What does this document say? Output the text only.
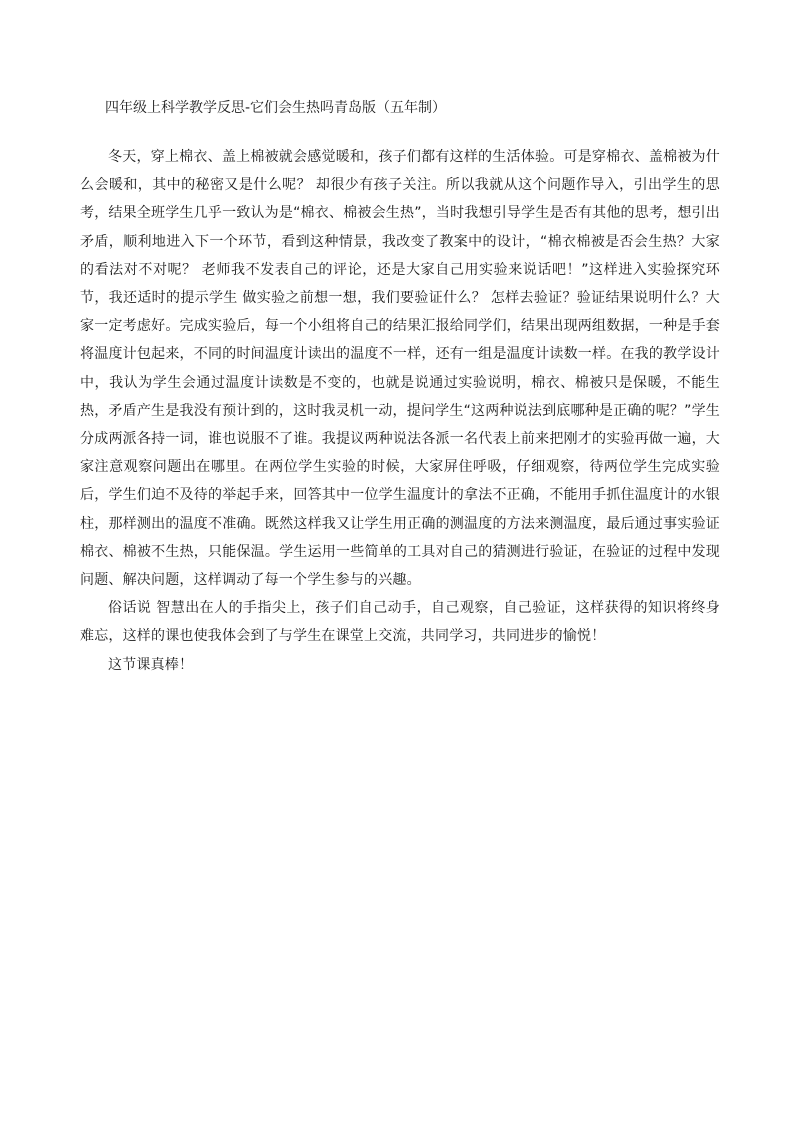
四年级上科学教学反思-它们会生热吗青岛版（五年制）

冬天，穿上棉衣、盖上棉被就会感觉暖和，孩子们都有这样的生活体验。可是穿棉衣、盖棉被为什么会暖和，其中的秘密又是什么呢？ 却很少有孩子关注。所以我就从这个问题作导入，引出学生的思考，结果全班学生几乎一致认为是“棉衣、棉被会生热”，当时我想引导学生是否有其他的思考，想引出矛盾，顺利地进入下一个环节，看到这种情景，我改变了教案中的设计，“棉衣棉被是否会生热？大家的看法对不对呢？ 老师我不发表自己的评论，还是大家自己用实验来说话吧！”这样进入实验探究环节，我还适时的提示学生 做实验之前想一想，我们要验证什么？ 怎样去验证？验证结果说明什么？大家一定考虑好。完成实验后，每一个小组将自己的结果汇报给同学们，结果出现两组数据，一种是手套将温度计包起来，不同的时间温度计读出的温度不一样，还有一组是温度计读数一样。在我的教学设计中，我认为学生会通过温度计读数是不变的，也就是说通过实验说明，棉衣、棉被只是保暖，不能生热，矛盾产生是我没有预计到的，这时我灵机一动，提问学生“这两种说法到底哪种是正确的呢？”学生分成两派各持一词，谁也说服不了谁。我提议两种说法各派一名代表上前来把刚才的实验再做一遍，大家注意观察问题出在哪里。在两位学生实验的时候，大家屏住呼吸，仔细观察，待两位学生完成实验后，学生们迫不及待的举起手来，回答其中一位学生温度计的拿法不正确，不能用手抓住温度计的水银柱，那样测出的温度不准确。既然这样我又让学生用正确的测温度的方法来测温度，最后通过事实验证棉衣、棉被不生热，只能保温。学生运用一些简单的工具对自己的猜测进行验证，在验证的过程中发现问题、解决问题，这样调动了每一个学生参与的兴趣。

俗话说 智慧出在人的手指尖上，孩子们自己动手，自己观察，自己验证，这样获得的知识将终身难忘，这样的课也使我体会到了与学生在课堂上交流，共同学习，共同进步的愉悦！

这节课真棒！
